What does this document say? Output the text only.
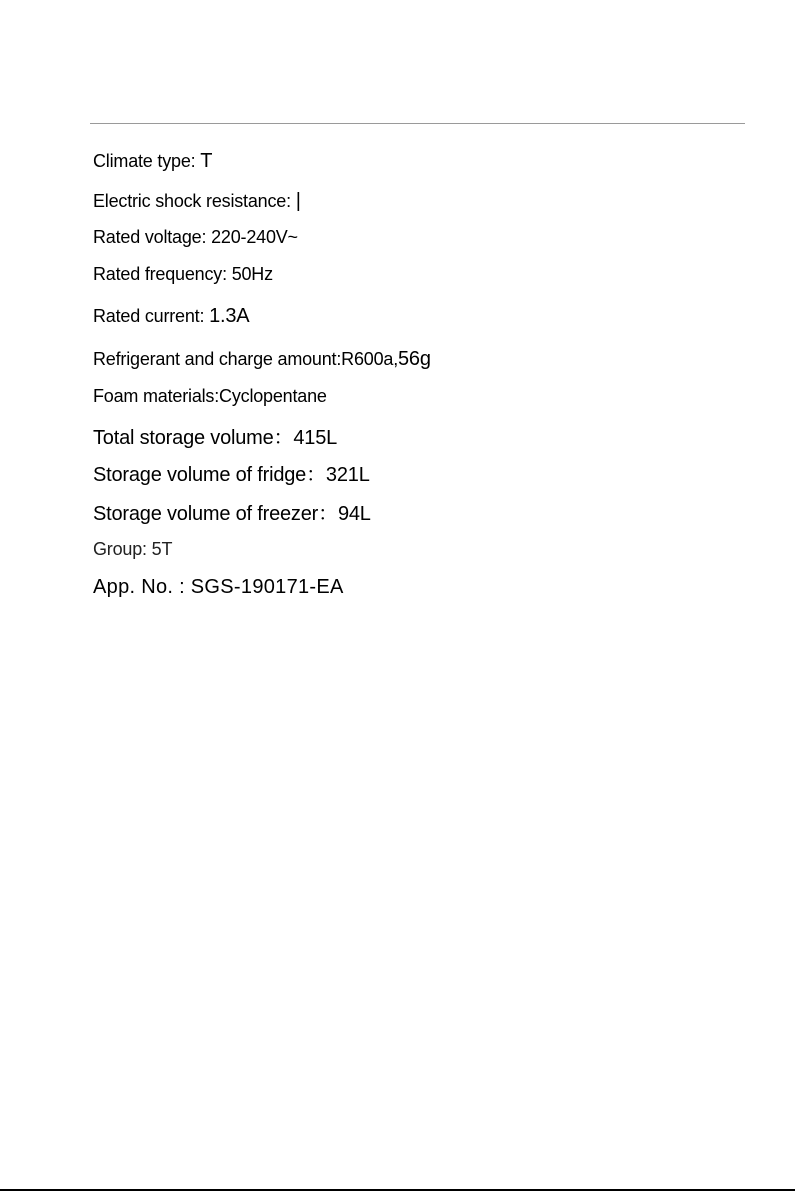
Climate type: T
Electric shock resistance: |
Rated voltage: 220-240V~
Rated frequency: 50Hz
Rated current: 1.3A
Refrigerant and charge amount:R600a,56g
Foam materials:Cyclopentane
Total storage volume：415L
Storage volume of fridge：321L
Storage volume of freezer：94L
Group: 5T
App. No. : SGS-190171-EA
